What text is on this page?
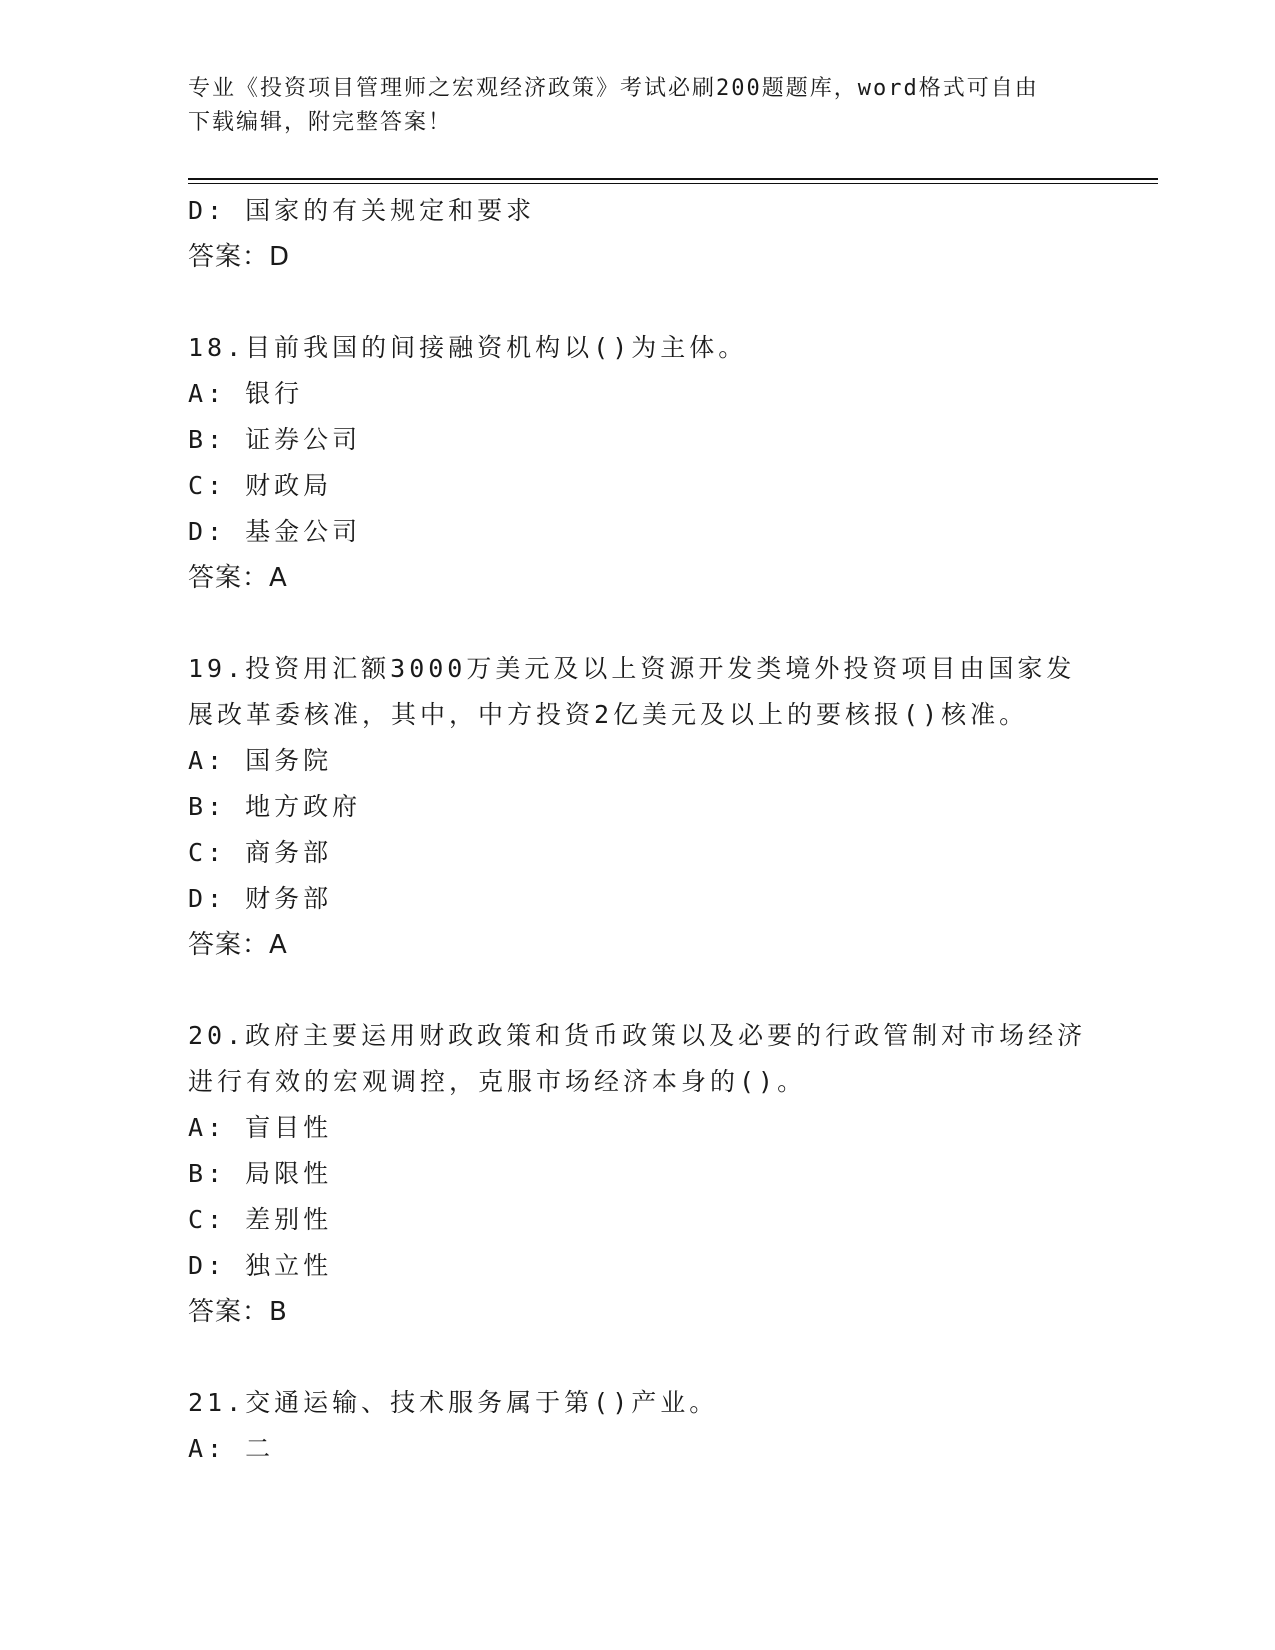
专业《投资项目管理师之宏观经济政策》考试必刷200题题库，word格式可自由
下载编辑，附完整答案！
D: 国家的有关规定和要求
答案：D
18.目前我国的间接融资机构以()为主体。
A: 银行
B: 证券公司
C: 财政局
D: 基金公司
答案：A
19.投资用汇额3000万美元及以上资源开发类境外投资项目由国家发
展改革委核准，其中，中方投资2亿美元及以上的要核报()核准。
A: 国务院
B: 地方政府
C: 商务部
D: 财务部
答案：A
20.政府主要运用财政政策和货币政策以及必要的行政管制对市场经济
进行有效的宏观调控，克服市场经济本身的()。
A: 盲目性
B: 局限性
C: 差别性
D: 独立性
答案：B
21.交通运输、技术服务属于第()产业。
A: 二
